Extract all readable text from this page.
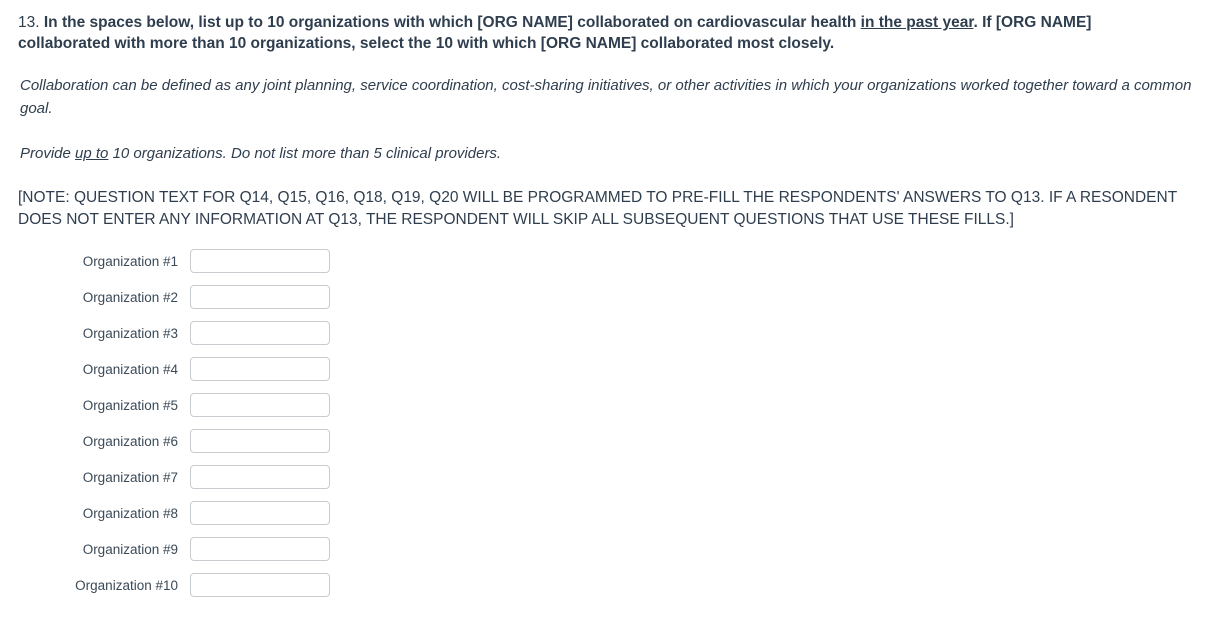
13. In the spaces below, list up to 10 organizations with which [ORG NAME] collaborated on cardiovascular health in the past year. If [ORG NAME] collaborated with more than 10 organizations, select the 10 with which [ORG NAME] collaborated most closely.

Collaboration can be defined as any joint planning, service coordination, cost-sharing initiatives, or other activities in which your organizations worked together toward a common goal.

Provide up to 10 organizations. Do not list more than 5 clinical providers.

[NOTE: QUESTION TEXT FOR Q14, Q15, Q16, Q18, Q19, Q20 WILL BE PROGRAMMED TO PRE-FILL THE RESPONDENTS' ANSWERS TO Q13. IF A RESONDENT DOES NOT ENTER ANY INFORMATION AT Q13, THE RESPONDENT WILL SKIP ALL SUBSEQUENT QUESTIONS THAT USE THESE FILLS.]

Organization #1
Organization #2
Organization #3
Organization #4
Organization #5
Organization #6
Organization #7
Organization #8
Organization #9
Organization #10
